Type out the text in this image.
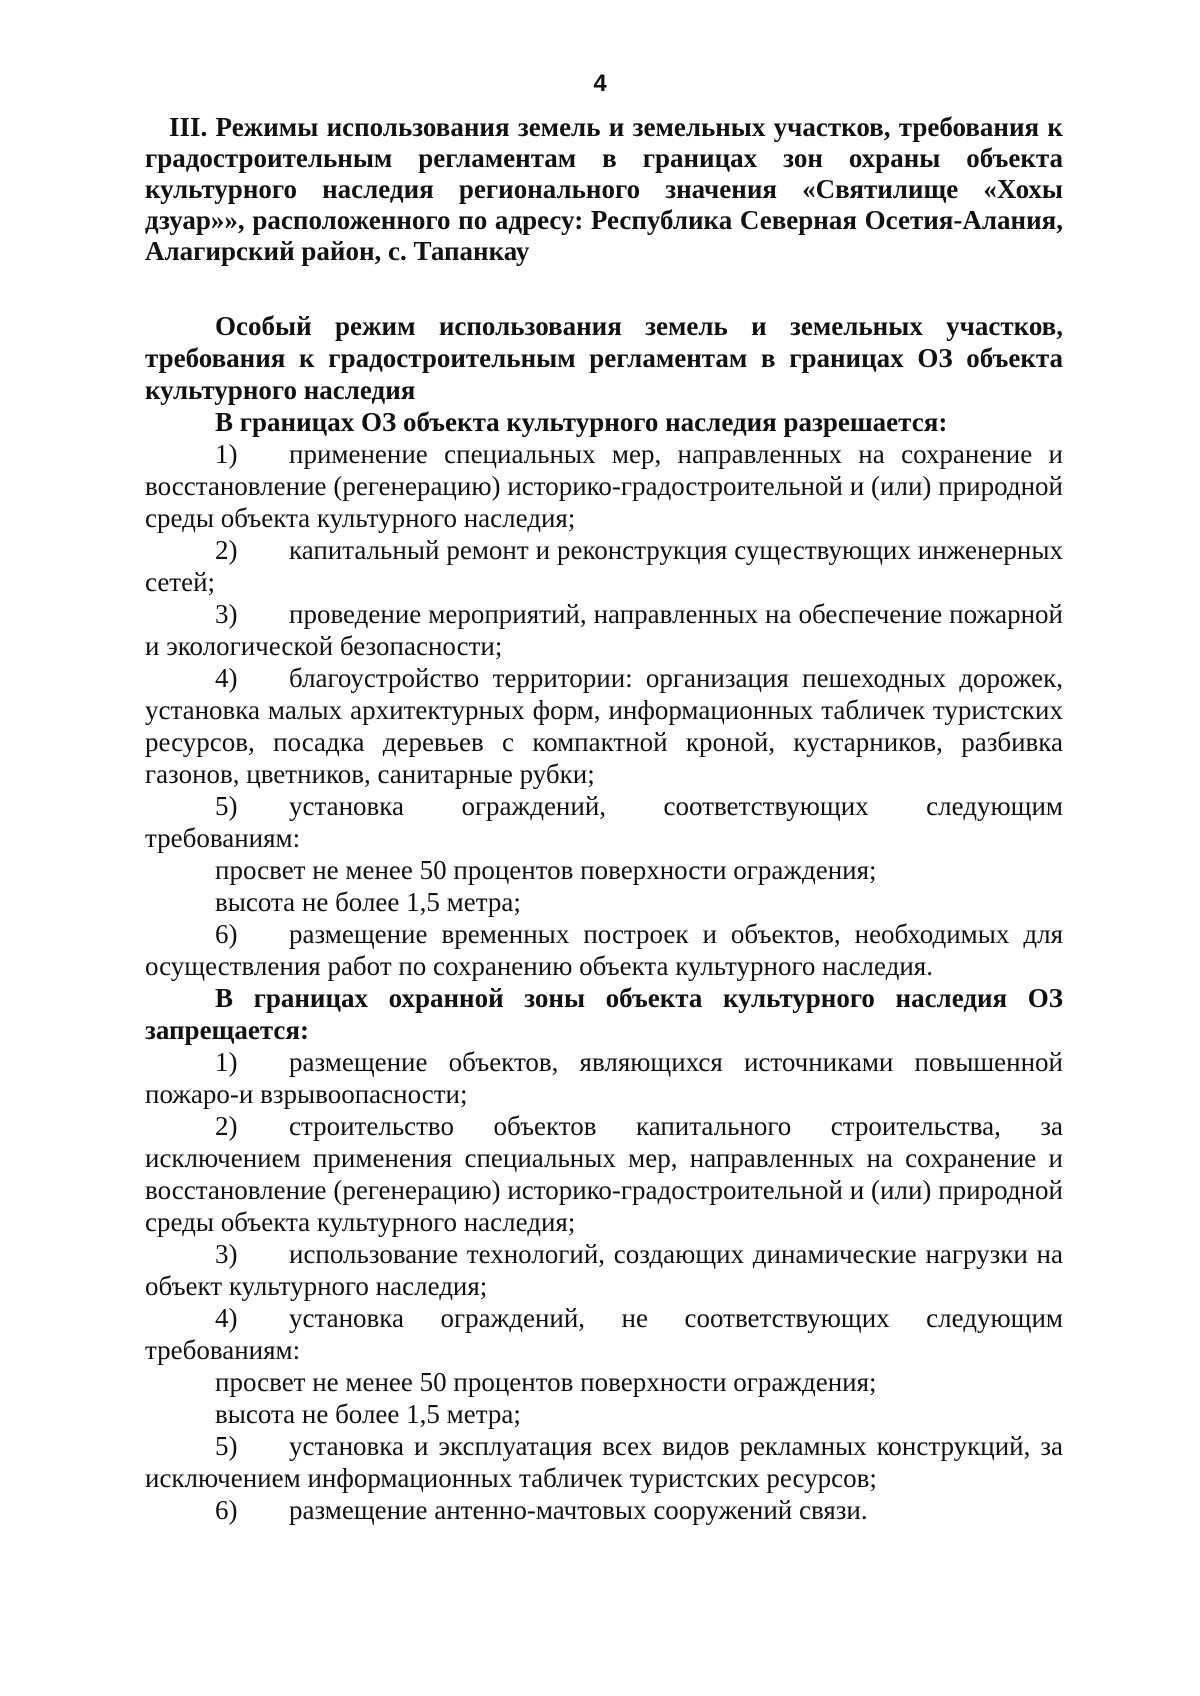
4
III. Режимы использования земель и земельных участков, требования к градостроительным регламентам в границах зон охраны объекта культурного наследия регионального значения «Святилище «Хохы дзуар»», расположенного по адресу: Республика Северная Осетия-Алания, Алагирский район, с. Тапанкау

Особый режим использования земель и земельных участков, требования к градостроительным регламентам в границах ОЗ объекта культурного наследия

В границах ОЗ объекта культурного наследия разрешается:

1) применение специальных мер, направленных на сохранение и восстановление (регенерацию) историко-градостроительной и (или) природной среды объекта культурного наследия;

2) капитальный ремонт и реконструкция существующих инженерных сетей;

3) проведение мероприятий, направленных на обеспечение пожарной и экологической безопасности;

4) благоустройство территории: организация пешеходных дорожек, установка малых архитектурных форм, информационных табличек туристских ресурсов, посадка деревьев с компактной кроной, кустарников, разбивка газонов, цветников, санитарные рубки;

5) установка ограждений, соответствующих следующим требованиям:

просвет не менее 50 процентов поверхности ограждения;

высота не более 1,5 метра;

6) размещение временных построек и объектов, необходимых для осуществления работ по сохранению объекта культурного наследия.

В границах охранной зоны объекта культурного наследия ОЗ запрещается:

1) размещение объектов, являющихся источниками повышенной пожаро-и взрывоопасности;

2) строительство объектов капитального строительства, за исключением применения специальных мер, направленных на сохранение и восстановление (регенерацию) историко-градостроительной и (или) природной среды объекта культурного наследия;

3) использование технологий, создающих динамические нагрузки на объект культурного наследия;

4) установка ограждений, не соответствующих следующим требованиям:

просвет не менее 50 процентов поверхности ограждения;

высота не более 1,5 метра;

5) установка и эксплуатация всех видов рекламных конструкций, за исключением информационных табличек туристских ресурсов;

6) размещение антенно-мачтовых сооружений связи.
